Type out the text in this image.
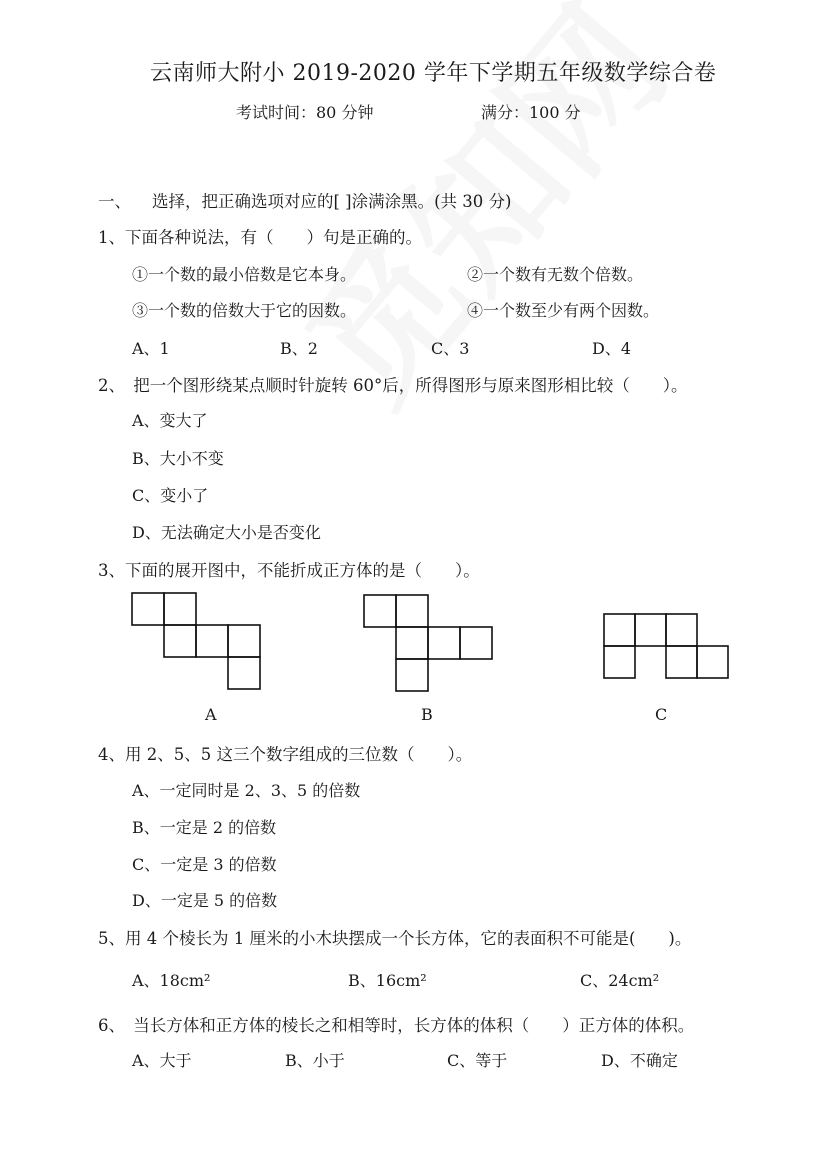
云南师大附小 2019-2020 学年下学期五年级数学综合卷
考试时间：80 分钟	满分：100 分
一、 选择，把正确选项对应的[ ]涂满涂黑。(共 30 分)
1、下面各种说法，有（　　）句是正确的。
①一个数的最小倍数是它本身。	②一个数有无数个倍数。
③一个数的倍数大于它的因数。	④一个数至少有两个因数。
A、1	B、2	C、3	D、4
2、　把一个图形绕某点顺时针旋转 60°后，所得图形与原来图形相比较（　　）。
A、变大了
B、大小不变
C、变小了
D、无法确定大小是否变化
3、下面的展开图中，不能折成正方体的是（　　）。
A	B	C
4、用 2、5、5 这三个数字组成的三位数（　　）。
A、一定同时是 2、3、5 的倍数
B、一定是 2 的倍数
C、一定是 3 的倍数
D、一定是 5 的倍数
5、用 4 个棱长为 1 厘米的小木块摆成一个长方体，它的表面积不可能是(　　)。
A、18cm²	B、16cm²	C、24cm²
6、　当长方体和正方体的棱长之和相等时，长方体的体积（　　）正方体的体积。
A、大于	B、小于	C、等于	D、不确定
